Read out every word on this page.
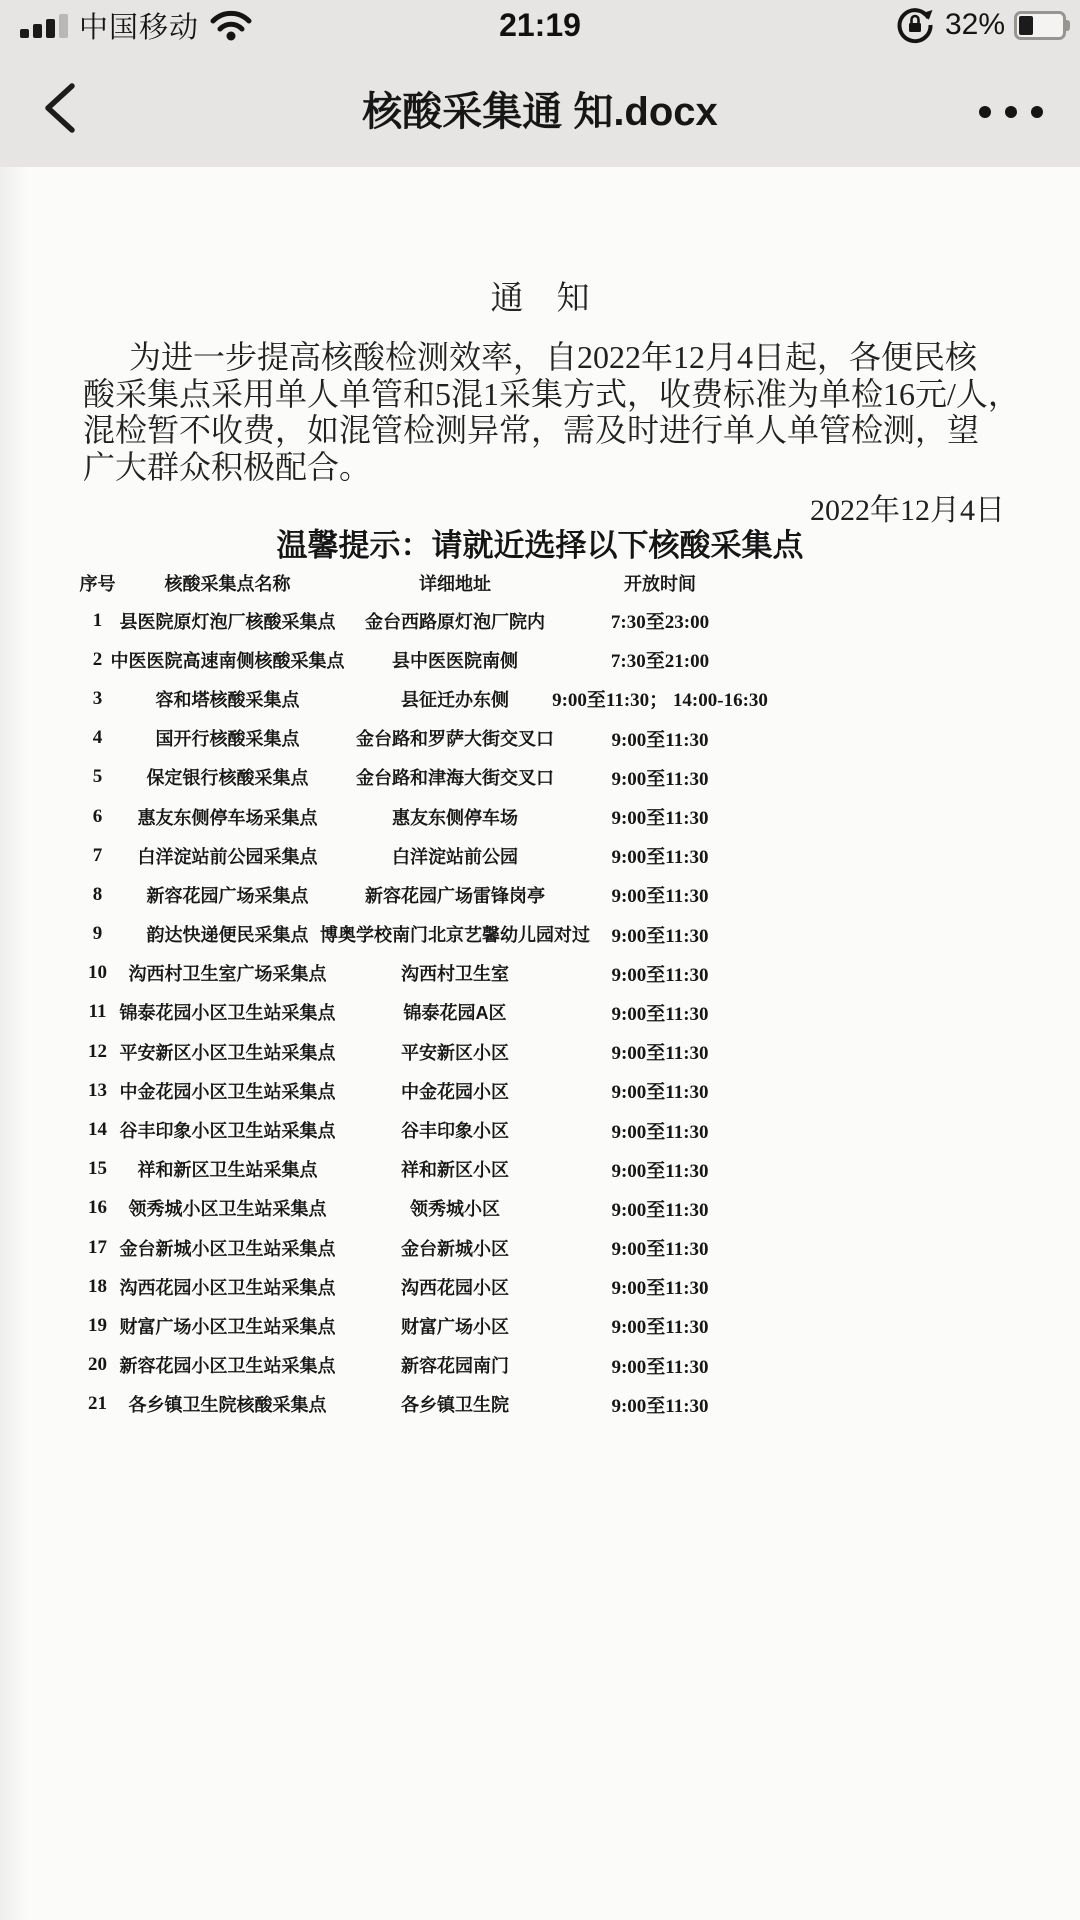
中国移动	21:19	32%
核酸采集通 知.docx
通　知
为进一步提高核酸检测效率，自2022年12月4日起，各便民核
酸采集点采用单人单管和5混1采集方式，收费标准为单检16元/人，
混检暂不收费，如混管检测异常，需及时进行单人单管检测，望
广大群众积极配合。
2022年12月4日
温馨提示：请就近选择以下核酸采集点
序号	核酸采集点名称	详细地址	开放时间
1 县医院原灯泡厂核酸采集点	金台西路原灯泡厂院内	7:30至23:00
2 中医医院高速南侧核酸采集点	县中医医院南侧	7:30至21:00
3	容和塔核酸采集点	县征迁办东侧	9:00至11:30； 14:00-16:30
4	国开行核酸采集点	金台路和罗萨大街交叉口	9:00至11:30
5	保定银行核酸采集点	金台路和津海大街交叉口	9:00至11:30
6	惠友东侧停车场采集点	惠友东侧停车场	9:00至11:30
7	白洋淀站前公园采集点	白洋淀站前公园	9:00至11:30
8	新容花园广场采集点	新容花园广场雷锋岗亭	9:00至11:30
9	韵达快递便民采集点 博奥学校南门北京艺馨幼儿园对过	9:00至11:30
10	沟西村卫生室广场采集点	沟西村卫生室	9:00至11:30
11 锦泰花园小区卫生站采集点	锦泰花园A区	9:00至11:30
12 平安新区小区卫生站采集点	平安新区小区	9:00至11:30
13 中金花园小区卫生站采集点	中金花园小区	9:00至11:30
14 谷丰印象小区卫生站采集点	谷丰印象小区	9:00至11:30
15	祥和新区卫生站采集点	祥和新区小区	9:00至11:30
16	领秀城小区卫生站采集点	领秀城小区	9:00至11:30
17 金台新城小区卫生站采集点	金台新城小区	9:00至11:30
18 沟西花园小区卫生站采集点	沟西花园小区	9:00至11:30
19 财富广场小区卫生站采集点	财富广场小区	9:00至11:30
20 新容花园小区卫生站采集点	新容花园南门	9:00至11:30
21	各乡镇卫生院核酸采集点	各乡镇卫生院	9:00至11:30
